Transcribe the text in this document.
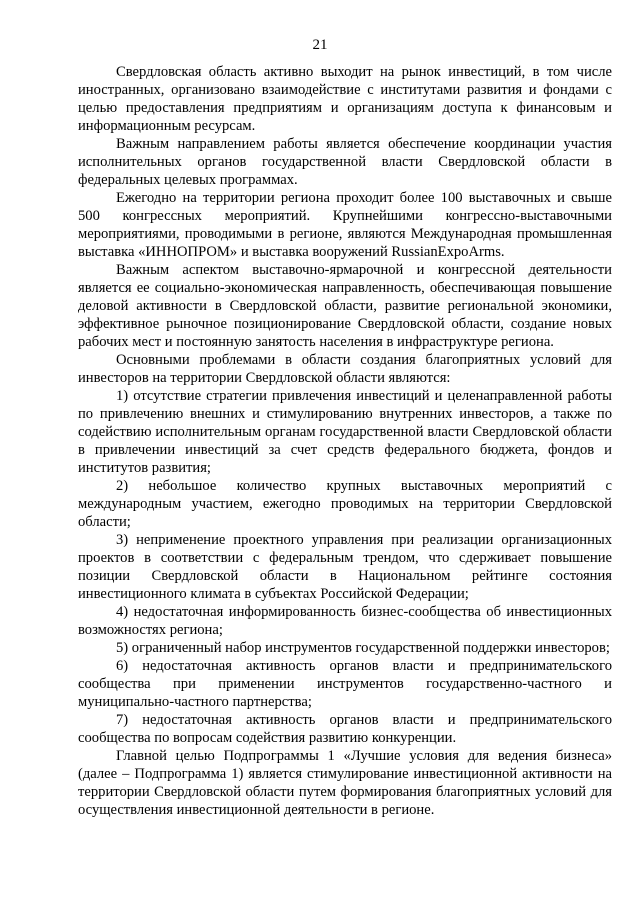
21

Свердловская область активно выходит на рынок инвестиций, в том числе иностранных, организовано взаимодействие с институтами развития и фондами с целью предоставления предприятиям и организациям доступа к финансовым и информационным ресурсам.

Важным направлением работы является обеспечение координации участия исполнительных органов государственной власти Свердловской области в федеральных целевых программах.

Ежегодно на территории региона проходит более 100 выставочных и свыше 500 конгрессных мероприятий. Крупнейшими конгрессно-выставочными мероприятиями, проводимыми в регионе, являются Международная промышленная выставка «ИННОПРОМ» и выставка вооружений RussianExpoArms.

Важным аспектом выставочно-ярмарочной и конгрессной деятельности является ее социально-экономическая направленность, обеспечивающая повышение деловой активности в Свердловской области, развитие региональной экономики, эффективное рыночное позиционирование Свердловской области, создание новых рабочих мест и постоянную занятость населения в инфраструктуре региона.

Основными проблемами в области создания благоприятных условий для инвесторов на территории Свердловской области являются:

1) отсутствие стратегии привлечения инвестиций и целенаправленной работы по привлечению внешних и стимулированию внутренних инвесторов, а также по содействию исполнительным органам государственной власти Свердловской области в привлечении инвестиций за счет средств федерального бюджета, фондов и институтов развития;

2) небольшое количество крупных выставочных мероприятий с международным участием, ежегодно проводимых на территории Свердловской области;

3) неприменение проектного управления при реализации организационных проектов в соответствии с федеральным трендом, что сдерживает повышение позиции Свердловской области в Национальном рейтинге состояния инвестиционного климата в субъектах Российской Федерации;

4) недостаточная информированность бизнес-сообщества об инвестиционных возможностях региона;

5) ограниченный набор инструментов государственной поддержки инвесторов;

6) недостаточная активность органов власти и предпринимательского сообщества при применении инструментов государственно-частного и муниципально-частного партнерства;

7) недостаточная активность органов власти и предпринимательского сообщества по вопросам содействия развитию конкуренции.

Главной целью Подпрограммы 1 «Лучшие условия для ведения бизнеса» (далее – Подпрограмма 1) является стимулирование инвестиционной активности на территории Свердловской области путем формирования благоприятных условий для осуществления инвестиционной деятельности в регионе.
